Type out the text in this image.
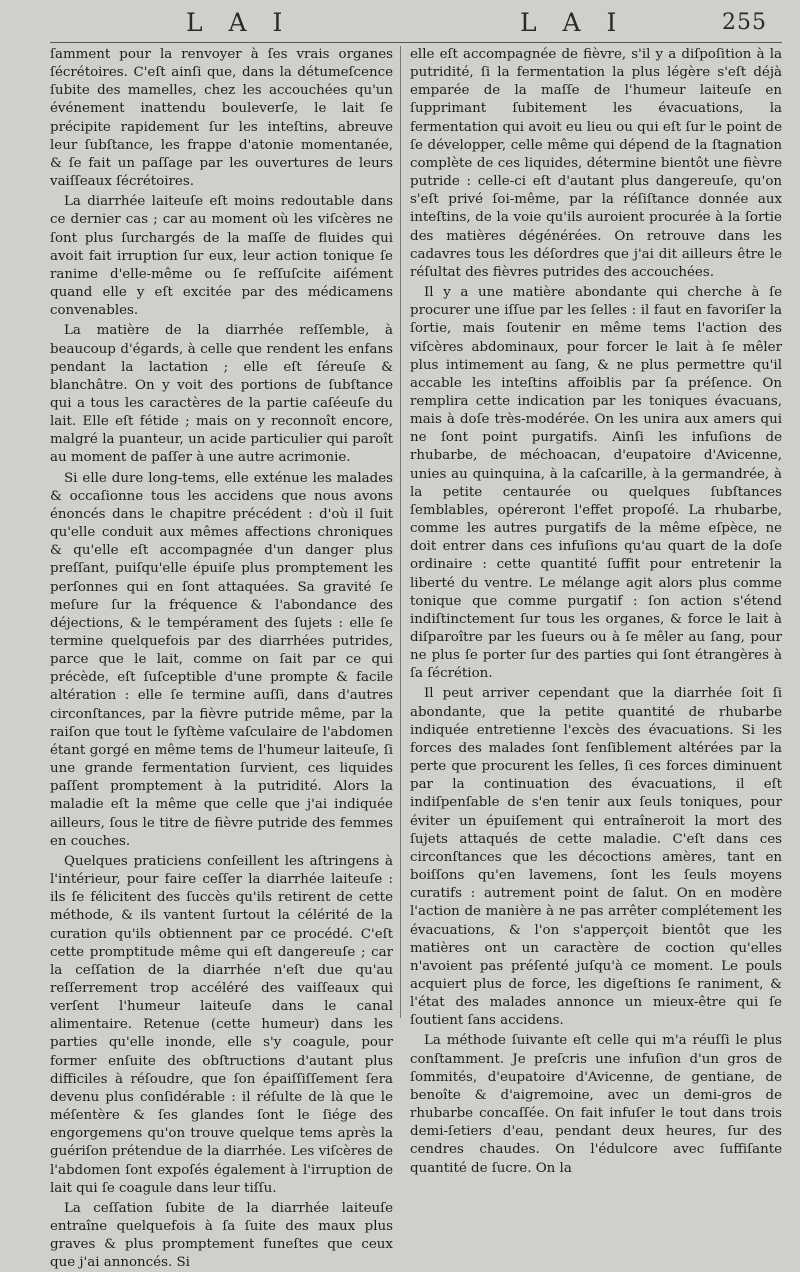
L A I	L A I	255

ſamment pour la renvoyer à ſes vrais organes ſécrétoires. C'eſt ainſi que, dans la détumeſcence ſubite des mamelles, chez les accouchées qu'un événement inattendu bouleverſe, le lait ſe précipite rapidement ſur les inteſtins, abreuve leur ſubſtance, les frappe d'atonie momentanée, & ſe fait un paſſage par les ouvertures de leurs vaiſſeaux ſécrétoires.

La diarrhée laiteuſe eſt moins redoutable dans ce dernier cas ; car au moment où les viſcères ne ſont plus ſurchargés de la maſſe de fluides qui avoit fait irruption ſur eux, leur action tonique ſe ranime d'elle-même ou ſe reſſuſcite aiſément quand elle y eſt excitée par des médicamens convenables.

La matière de la diarrhée reſſemble, à beaucoup d'égards, à celle que rendent les enfans pendant la lactation ; elle eſt ſéreuſe & blanchâtre. On y voit des portions de ſubſtance qui a tous les caractères de la partie caſéeuſe du lait. Elle eſt fétide ; mais on y reconnoît encore, malgré la puanteur, un acide particulier qui paroît au moment de paſſer à une autre acrimonie.

Si elle dure long-tems, elle exténue les malades & occaſionne tous les accidens que nous avons énoncés dans le chapitre précédent : d'où il ſuit qu'elle conduit aux mêmes affections chroniques & qu'elle eſt accompagnée d'un danger plus preſſant, puiſqu'elle épuiſe plus promptement les perſonnes qui en ſont attaquées. Sa gravité ſe meſure ſur la fréquence & l'abondance des déjections, & le tempérament des ſujets : elle ſe termine quelquefois par des diarrhées putrides, parce que le lait, comme on ſait par ce qui précède, eſt ſuſceptible d'une prompte & facile altération : elle ſe termine auſſi, dans d'autres circonſtances, par la fièvre putride même, par la raiſon que tout le ſyſtème vaſculaire de l'abdomen étant gorgé en même tems de l'humeur laiteuſe, ſi une grande fermentation ſurvient, ces liquides paſſent promptement à la putridité. Alors la maladie eſt la même que celle que j'ai indiquée ailleurs, ſous le titre de fièvre putride des femmes en couches.

Quelques praticiens conſeillent les aſtringens à l'intérieur, pour faire ceſſer la diarrhée laiteuſe : ils ſe félicitent des ſuccès qu'ils retirent de cette méthode, & ils vantent ſurtout la célérité de la curation qu'ils obtiennent par ce procédé. C'eſt cette promptitude même qui eſt dangereuſe ; car la ceſſation de la diarrhée n'eſt due qu'au reſſerrement trop accéléré des vaiſſeaux qui verſent l'humeur laiteuſe dans le canal alimentaire. Retenue (cette humeur) dans les parties qu'elle inonde, elle s'y coagule, pour former enſuite des obſtructions d'autant plus difficiles à réſoudre, que ſon épaiſſiſſement ſera devenu plus conſidérable : il réſulte de là que le méſentère & ſes glandes ſont le ſiége des engorgemens qu'on trouve quelque tems après la guériſon prétendue de la diarrhée. Les viſcères de l'abdomen ſont expoſés également à l'irruption de lait qui ſe coagule dans leur tiſſu.

La ceſſation ſubite de la diarrhée laiteuſe entraîne quelquefois à ſa ſuite des maux plus graves & plus promptement funeſtes que ceux que j'ai annoncés. Si

elle eſt accompagnée de fièvre, s'il y a diſpoſition à la putridité, ſi la fermentation la plus légère s'eſt déjà emparée de la maſſe de l'humeur laiteuſe en ſupprimant ſubitement les évacuations, la fermentation qui avoit eu lieu ou qui eſt ſur le point de ſe développer, celle même qui dépend de la ſtagnation complète de ces liquides, détermine bientôt une fièvre putride : celle-ci eſt d'autant plus dangereuſe, qu'on s'eſt privé ſoi-même, par la réſiſtance donnée aux inteſtins, de la voie qu'ils auroient procurée à la ſortie des matières dégénérées. On retrouve dans les cadavres tous les déſordres que j'ai dit ailleurs être le réſultat des fièvres putrides des accouchées.

Il y a une matière abondante qui cherche à ſe procurer une iſſue par les ſelles : il faut en favoriſer la ſortie, mais ſoutenir en même tems l'action des viſcères abdominaux, pour forcer le lait à ſe mêler plus intimement au ſang, & ne plus permettre qu'il accable les inteſtins affoiblis par ſa préſence. On remplira cette indication par les toniques évacuans, mais à doſe très-modérée. On les unira aux amers qui ne ſont point purgatifs. Ainſi les infuſions de rhubarbe, de méchoacan, d'eupatoire d'Avicenne, unies au quinquina, à la caſcarille, à la germandrée, à la petite centaurée ou quelques ſubſtances ſemblables, opéreront l'effet propoſé. La rhubarbe, comme les autres purgatifs de la même eſpèce, ne doit entrer dans ces infuſions qu'au quart de la doſe ordinaire : cette quantité ſuffit pour entretenir la liberté du ventre. Le mélange agit alors plus comme tonique que comme purgatif : ſon action s'étend indiſtinctement ſur tous les organes, & force le lait à diſparoître par les ſueurs ou à ſe mêler au ſang, pour ne plus ſe porter ſur des parties qui ſont étrangères à ſa ſécrétion.

Il peut arriver cependant que la diarrhée ſoit ſi abondante, que la petite quantité de rhubarbe indiquée entretienne l'excès des évacuations. Si les forces des malades ſont ſenſiblement altérées par la perte que procurent les ſelles, ſi ces forces diminuent par la continuation des évacuations, il eſt indiſpenſable de s'en tenir aux ſeuls toniques, pour éviter un épuiſement qui entraîneroit la mort des ſujets attaqués de cette maladie. C'eſt dans ces circonſtances que les décoctions amères, tant en boiſſons qu'en lavemens, ſont les ſeuls moyens curatifs : autrement point de ſalut. On en modère l'action de manière à ne pas arrêter complétement les évacuations, & l'on s'apperçoit bientôt que les matières ont un caractère de coction qu'elles n'avoient pas préſenté juſqu'à ce moment. Le pouls acquiert plus de force, les digeſtions ſe raniment, & l'état des malades annonce un mieux-être qui ſe ſoutient ſans accidens.

La méthode ſuivante eſt celle qui m'a réuſſi le plus conſtamment. Je preſcris une infuſion d'un gros de ſommités, d'eupatoire d'Avicenne, de gentiane, de benoîte & d'aigremoine, avec un demi-gros de rhubarbe concaſſée. On fait infuſer le tout dans trois demi-ſetiers d'eau, pendant deux heures, ſur des cendres chaudes. On l'édulcore avec ſuffiſante quantité de ſucre. On la
